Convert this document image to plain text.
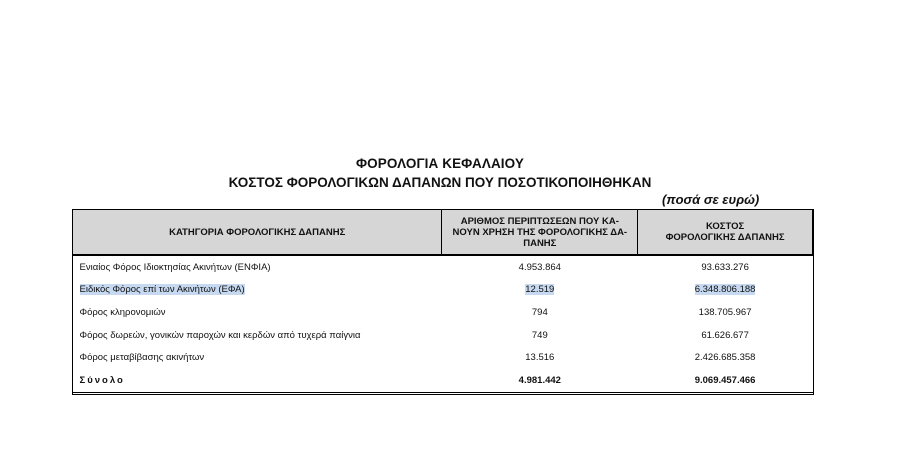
ΦΟΡΟΛΟΓΙΑ ΚΕΦΑΛΑΙΟΥ
ΚΟΣΤΟΣ ΦΟΡΟΛΟΓΙΚΩΝ ΔΑΠΑΝΩΝ ΠΟΥ ΠΟΣΟΤΙΚΟΠΟΙΗΘΗΚΑΝ
(ποσά σε ευρώ)
ΚΑΤΗΓΟΡΙΑ ΦΟΡΟΛΟΓΙΚΗΣ ΔΑΠΑΝΗΣ	ΑΡΙΘΜΟΣ ΠΕΡΙΠΤΩΣΕΩΝ ΠΟΥ ΚΑ-
ΝΟΥΝ ΧΡΗΣΗ ΤΗΣ ΦΟΡΟΛΟΓΙΚΗΣ ΔΑ-
ΠΑΝΗΣ	ΚΟΣΤΟΣ
ΦΟΡΟΛΟΓΙΚΗΣ ΔΑΠΑΝΗΣ
Ενιαίος Φόρος Ιδιοκτησίας Ακινήτων (ΕΝΦΙΑ)	4.953.864	93.633.276
Ειδικός Φόρος επί των Ακινήτων (ΕΦΑ)	12.519	6.348.806.188
Φόρος κληρονομιών	794	138.705.967
Φόρος δωρεών, γονικών παροχών και κερδών από τυχερά παίγνια	749	61.626.677
Φόρος μεταβίβασης ακινήτων	13.516	2.426.685.358
Σύνολο	4.981.442	9.069.457.466
